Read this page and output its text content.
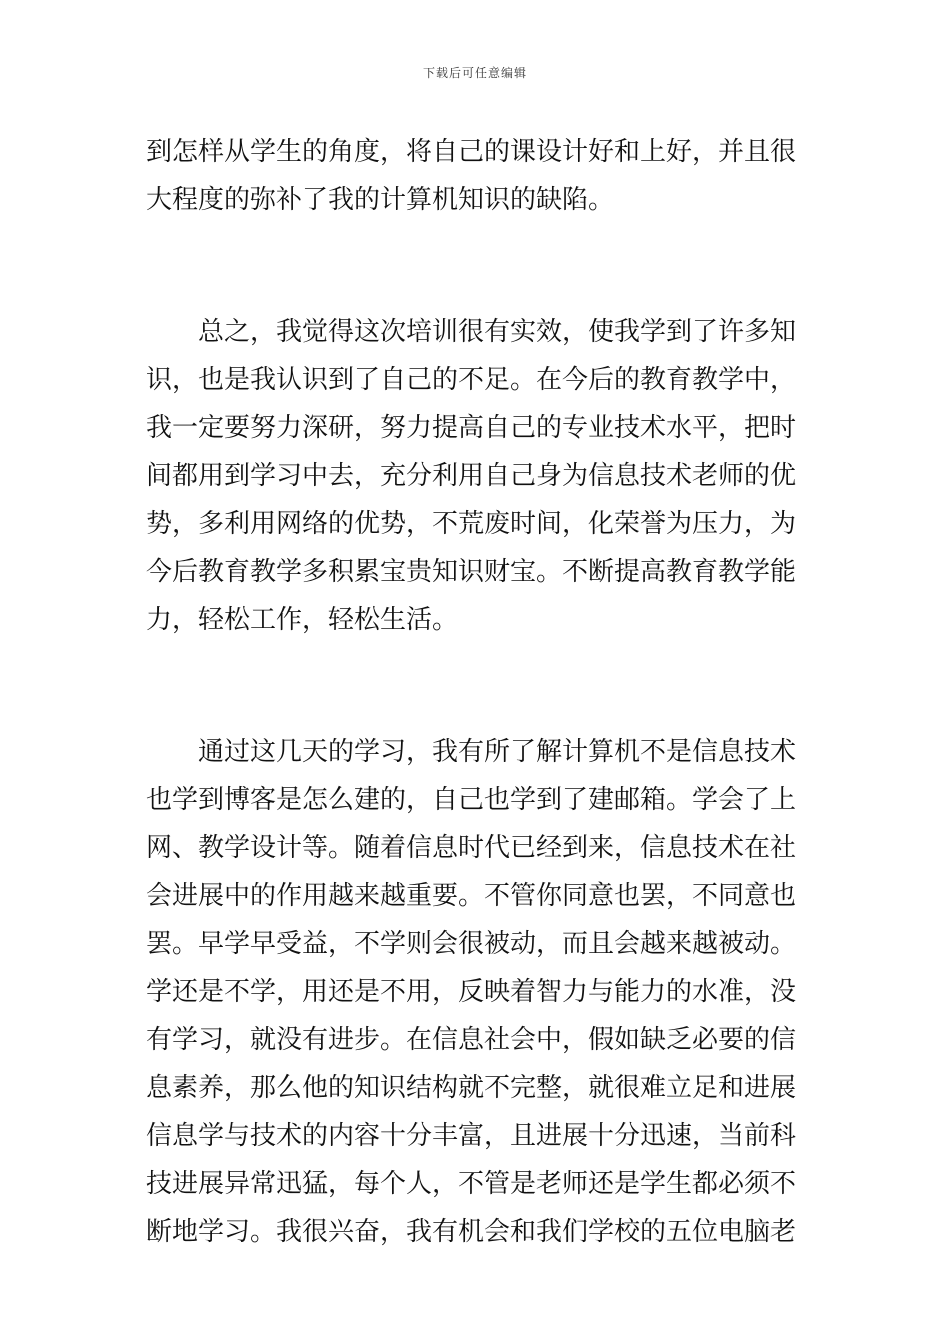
下载后可任意编辑
到怎样从学生的角度，将自己的课设计好和上好，并且很
大程度的弥补了我的计算机知识的缺陷。
总之，我觉得这次培训很有实效，使我学到了许多知
识，也是我认识到了自己的不足。在今后的教育教学中，
我一定要努力深研，努力提高自己的专业技术水平，把时
间都用到学习中去，充分利用自己身为信息技术老师的优
势，多利用网络的优势，不荒废时间，化荣誉为压力，为
今后教育教学多积累宝贵知识财宝。不断提高教育教学能
力，轻松工作，轻松生活。
通过这几天的学习，我有所了解计算机不是信息技术
也学到博客是怎么建的，自己也学到了建邮箱。学会了上
网、教学设计等。随着信息时代已经到来，信息技术在社
会进展中的作用越来越重要。不管你同意也罢，不同意也
罢。早学早受益，不学则会很被动，而且会越来越被动。
学还是不学，用还是不用，反映着智力与能力的水准，没
有学习，就没有进步。在信息社会中，假如缺乏必要的信
息素养，那么他的知识结构就不完整，就很难立足和进展
信息学与技术的内容十分丰富，且进展十分迅速，当前科
技进展异常迅猛，每个人，不管是老师还是学生都必须不
断地学习。我很兴奋，我有机会和我们学校的五位电脑老
